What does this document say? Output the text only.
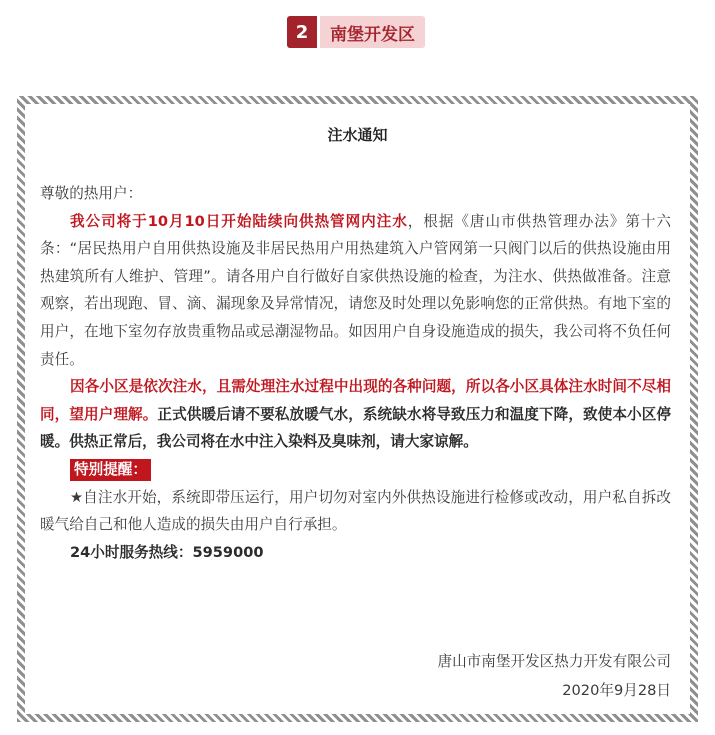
2	南堡开发区
注水通知

尊敬的热用户：

我公司将于10月10日开始陆续向供热管网内注水，根据《唐山市供热管理办法》第十六条：“居民热用户自用供热设施及非居民热用户用热建筑入户管网第一只阀门以后的供热设施由用热建筑所有人维护、管理”。请各用户自行做好自家供热设施的检查，为注水、供热做准备。注意观察，若出现跑、冒、滴、漏现象及异常情况，请您及时处理以免影响您的正常供热。有地下室的用户，在地下室勿存放贵重物品或忌潮湿物品。如因用户自身设施造成的损失，我公司将不负任何责任。

因各小区是依次注水，且需处理注水过程中出现的各种问题，所以各小区具体注水时间不尽相同，望用户理解。正式供暖后请不要私放暖气水，系统缺水将导致压力和温度下降，致使本小区停暖。供热正常后，我公司将在水中注入染料及臭味剂，请大家谅解。

特别提醒：

★自注水开始，系统即带压运行，用户切勿对室内外供热设施进行检修或改动，用户私自拆改暖气给自己和他人造成的损失由用户自行承担。

24小时服务热线：5959000

唐山市南堡开发区热力开发有限公司
2020年9月28日
